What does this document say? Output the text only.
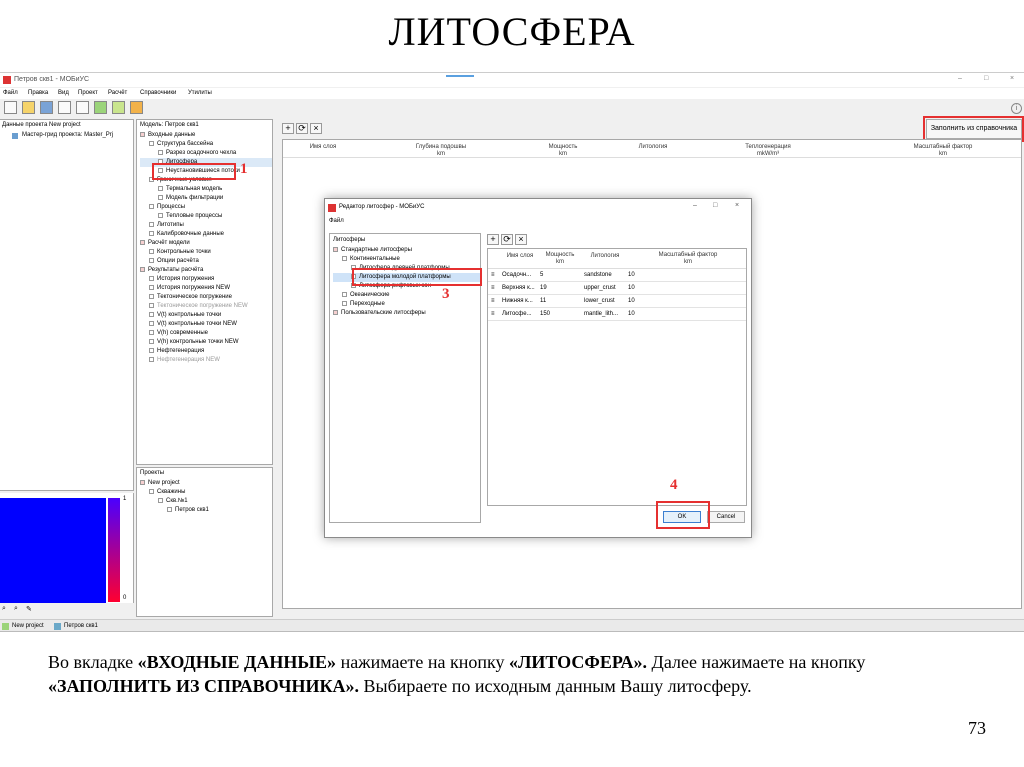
ЛИТОСФЕРА
Петров скв1 - МОБиУС	–	□	×
Файл Правка Вид Проект Расчёт Справочники Утилиты

i
Данные проекта New project
Мастер-грид проекта: Master_Prj
1
0
⌕ ⌕ ✎
New project	Петров скв1
Модель: Петров скв1
Входные данные
Структура бассейна
Разрез осадочного чехла
Литосфера
Неустановившиеся потоки
Граничные условия
Термальная модель
Модель фильтрации
Процессы
Тепловые процессы
Литотипы
Калибровочные данные
Расчёт модели
Контрольные точки
Опции расчёта
Результаты расчёта
История погружения
История погружения NEW
Тектоническое погружение
Тектоническое погружение NEW
V(t) контрольные точки
V(t) контрольные точки NEW
V(h) современные
V(h) контрольные точки NEW
Нефтегенерация
Нефтегенерация NEW
Проекты
New project
Скважины
Скв.№1
Петров скв1
+ ⟳ ×	Заполнить из справочника
Имя слоя	Глубина подошвы
km
Мощность
km
Литология	Теплогенерация
mkW/m³
Масштабный фактор
km
1
Редактор литосфер - МОБиУС	– □	×
Файл
Литосферы
Стандартные литосферы
Континентальные
Литосфера древней платформы
Литосфера молодой платформы
Литосфера рифтовых зон
Океанические
Переходные
Пользовательские литосферы
+ ⟳ ×
Имя слоя	Мощность
km
Литология	Масштабный фактор
km
≡ Осадочн... 5	sandstone	10
≡ Верхняя к... 19	upper_crust 10
≡ Нижняя к... 11	lower_crust 10
≡ Литосфе... 150	mantle_lith... 10
OK	Cancel
3
4
Во вкладке «ВХОДНЫЕ ДАННЫЕ» нажимаете на кнопку «ЛИТОСФЕРА». Далее нажимаете на кнопку «ЗАПОЛНИТЬ ИЗ СПРАВОЧНИКА». Выбираете по исходным данным Вашу литосферу.
73
